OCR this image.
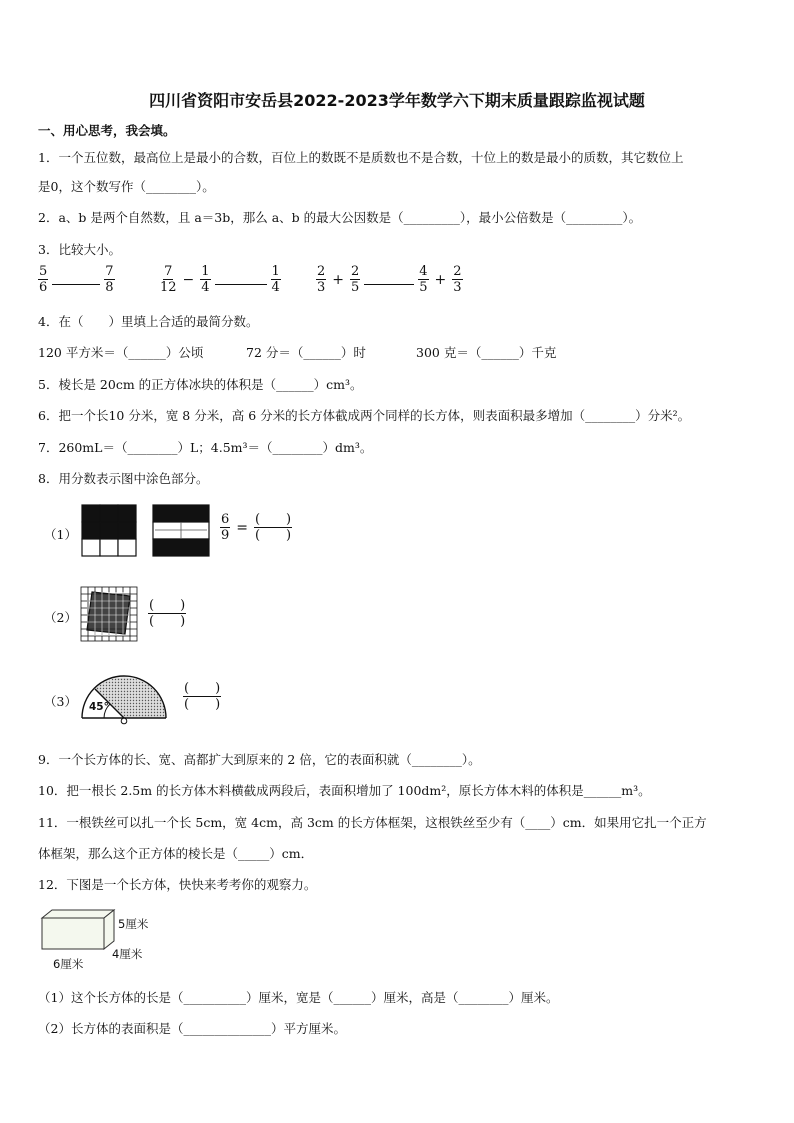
四川省资阳市安岳县2022-2023学年数学六下期末质量跟踪监视试题
一、用心思考，我会填。
1．一个五位数，最高位上是最小的合数，百位上的数既不是质数也不是合数，十位上的数是最小的质数，其它数位上
是0，这个数写作（________）。
2．a、b 是两个自然数，且 a＝3b，那么 a、b 的最大公因数是（_________），最小公倍数是（_________）。
3．比较大小。
$\frac{5}{6}$
	$\frac{7}{8}$	$\frac{7}{12} - \frac{1}{4}$
	$\frac{1}{4}$	$\frac{2}{3} + \frac{2}{5}$
	$\frac{4}{5} + \frac{2}{3}$
4．在（　　）里填上合适的最简分数。
120 平方米＝（______）公顷	72 分＝（______）时	300 克＝（______）千克
5．棱长是 20cm 的正方体冰块的体积是（______）cm³。
6．把一个长10 分米，宽 8 分米，高 6 分米的长方体截成两个同样的长方体，则表面积最多增加（________）分米²。
7．260mL＝（________）L；4.5m³＝（________）dm³。
8．用分数表示图中涂色部分。
（1）	$\frac{6}{9} = \frac{( )}{( )}$
（2）	$\frac{( )}{( )}$
（3） 45°	$\frac{( )}{( )}$
9．一个长方体的长、宽、高都扩大到原来的 2 倍，它的表面积就（________）。
10．把一根长 2.5m 的长方体木料横截成两段后，表面积增加了 100dm²，原长方体木料的体积是______m³。
11．一根铁丝可以扎一个长 5cm，宽 4cm，高 3cm 的长方体框架，这根铁丝至少有（____）cm．如果用它扎一个正方
体框架，那么这个正方体的棱长是（_____）cm．
12．下图是一个长方体，快快来考考你的观察力。
5厘米
4厘米
6厘米
（1）这个长方体的长是（__________）厘米，宽是（______）厘米，高是（________）厘米。
（2）长方体的表面积是（______________）平方厘米。
